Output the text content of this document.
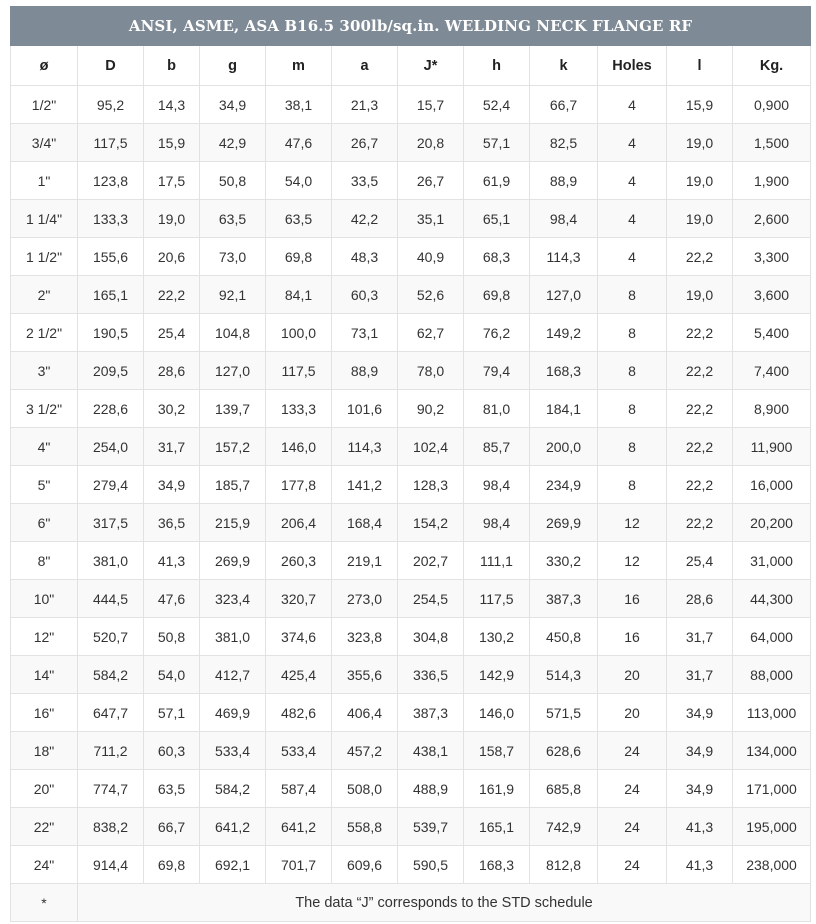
ANSI, ASME, ASA B16.5 300lb/sq.in. WELDING NECK FLANGE RF											
ø	D	b	g	m	a	J*	h	k	Holes	l	Kg.
1/2"	95,2	14,3	34,9	38,1	21,3	15,7	52,4	66,7	4	15,9	0,900
3/4"	117,5	15,9	42,9	47,6	26,7	20,8	57,1	82,5	4	19,0	1,500
1"	123,8	17,5	50,8	54,0	33,5	26,7	61,9	88,9	4	19,0	1,900
1 1/4"	133,3	19,0	63,5	63,5	42,2	35,1	65,1	98,4	4	19,0	2,600
1 1/2"	155,6	20,6	73,0	69,8	48,3	40,9	68,3	114,3	4	22,2	3,300
2"	165,1	22,2	92,1	84,1	60,3	52,6	69,8	127,0	8	19,0	3,600
2 1/2"	190,5	25,4	104,8	100,0	73,1	62,7	76,2	149,2	8	22,2	5,400
3"	209,5	28,6	127,0	117,5	88,9	78,0	79,4	168,3	8	22,2	7,400
3 1/2"	228,6	30,2	139,7	133,3	101,6	90,2	81,0	184,1	8	22,2	8,900
4"	254,0	31,7	157,2	146,0	114,3	102,4	85,7	200,0	8	22,2	11,900
5"	279,4	34,9	185,7	177,8	141,2	128,3	98,4	234,9	8	22,2	16,000
6"	317,5	36,5	215,9	206,4	168,4	154,2	98,4	269,9	12	22,2	20,200
8"	381,0	41,3	269,9	260,3	219,1	202,7	111,1	330,2	12	25,4	31,000
10"	444,5	47,6	323,4	320,7	273,0	254,5	117,5	387,3	16	28,6	44,300
12"	520,7	50,8	381,0	374,6	323,8	304,8	130,2	450,8	16	31,7	64,000
14"	584,2	54,0	412,7	425,4	355,6	336,5	142,9	514,3	20	31,7	88,000
16"	647,7	57,1	469,9	482,6	406,4	387,3	146,0	571,5	20	34,9	113,000
18"	711,2	60,3	533,4	533,4	457,2	438,1	158,7	628,6	24	34,9	134,000
20"	774,7	63,5	584,2	587,4	508,0	488,9	161,9	685,8	24	34,9	171,000
22"	838,2	66,7	641,2	641,2	558,8	539,7	165,1	742,9	24	41,3	195,000
24"	914,4	69,8	692,1	701,7	609,6	590,5	168,3	812,8	24	41,3	238,000
*	The data “J” corresponds to the STD schedule										
